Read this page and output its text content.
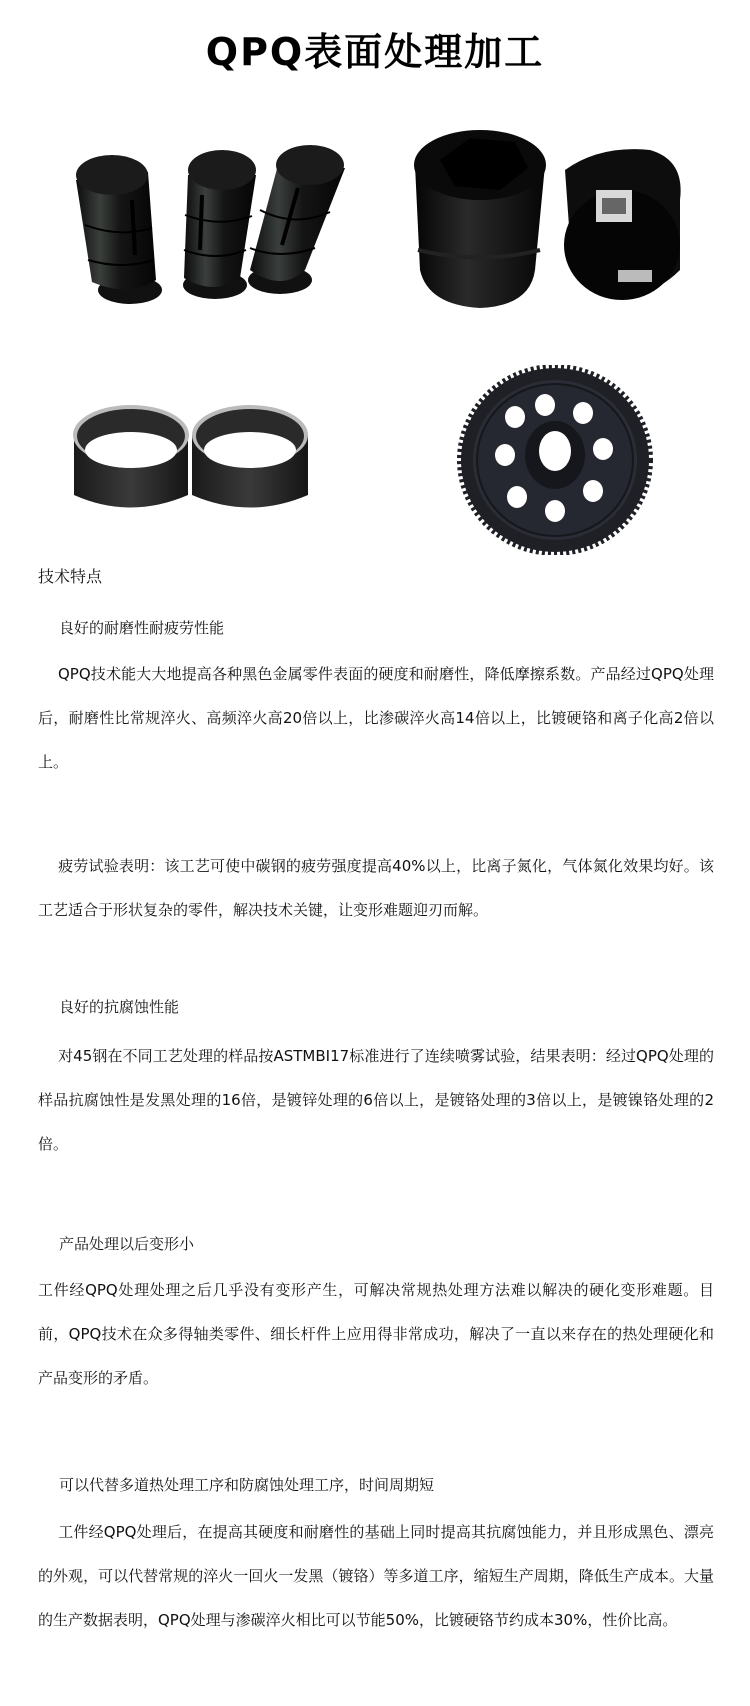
QPQ表面处理加工
技术特点
良好的耐磨性耐疲劳性能
QPQ技术能大大地提高各种黑色金属零件表面的硬度和耐磨性，降低摩擦系数。产品经过QPQ处理后，耐磨性比常规淬火、高频淬火高20倍以上，比渗碳淬火高14倍以上，比镀硬铬和离子化高2倍以上。
疲劳试验表明：该工艺可使中碳钢的疲劳强度提高40%以上，比离子氮化，气体氮化效果均好。该工艺适合于形状复杂的零件，解决技术关键，让变形难题迎刃而解。
良好的抗腐蚀性能
对45钢在不同工艺处理的样品按ASTMBI17标准进行了连续喷雾试验，结果表明：经过QPQ处理的样品抗腐蚀性是发黑处理的16倍，是镀锌处理的6倍以上，是镀铬处理的3倍以上，是镀镍铬处理的2倍。
产品处理以后变形小
工件经QPQ处理处理之后几乎没有变形产生，可解决常规热处理方法难以解决的硬化变形难题。目前，QPQ技术在众多得轴类零件、细长杆件上应用得非常成功，解决了一直以来存在的热处理硬化和产品变形的矛盾。
可以代替多道热处理工序和防腐蚀处理工序，时间周期短
工件经QPQ处理后，在提高其硬度和耐磨性的基础上同时提高其抗腐蚀能力，并且形成黑色、漂亮的外观，可以代替常规的淬火一回火一发黑（镀铬）等多道工序，缩短生产周期，降低生产成本。大量的生产数据表明，QPQ处理与渗碳淬火相比可以节能50%，比镀硬铬节约成本30%，性价比高。
